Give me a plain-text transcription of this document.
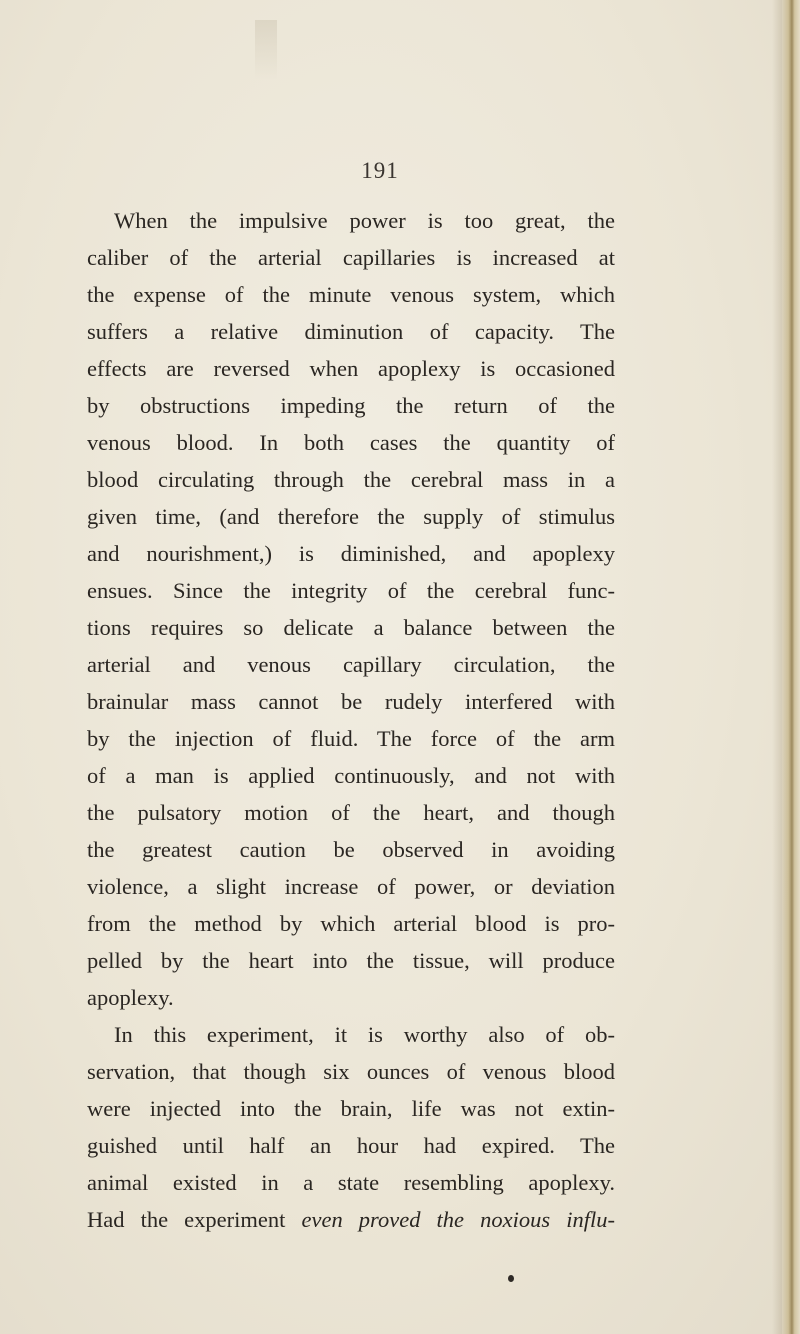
191
When the impulsive power is too great, the
caliber of the arterial capillaries is increased at
the expense of the minute venous system, which
suffers a relative diminution of capacity. The
effects are reversed when apoplexy is occasioned
by obstructions impeding the return of the
venous blood. In both cases the quantity of
blood circulating through the cerebral mass in a
given time, (and therefore the supply of stimulus
and nourishment,) is diminished, and apoplexy
ensues. Since the integrity of the cerebral func-
tions requires so delicate a balance between the
arterial and venous capillary circulation, the
brainular mass cannot be rudely interfered with
by the injection of fluid. The force of the arm
of a man is applied continuously, and not with
the pulsatory motion of the heart, and though
the greatest caution be observed in avoiding
violence, a slight increase of power, or deviation
from the method by which arterial blood is pro-
pelled by the heart into the tissue, will produce
apoplexy.
In this experiment, it is worthy also of ob-
servation, that though six ounces of venous blood
were injected into the brain, life was not extin-
guished until half an hour had expired. The
animal existed in a state resembling apoplexy.
Had the experiment even proved the noxious influ-
